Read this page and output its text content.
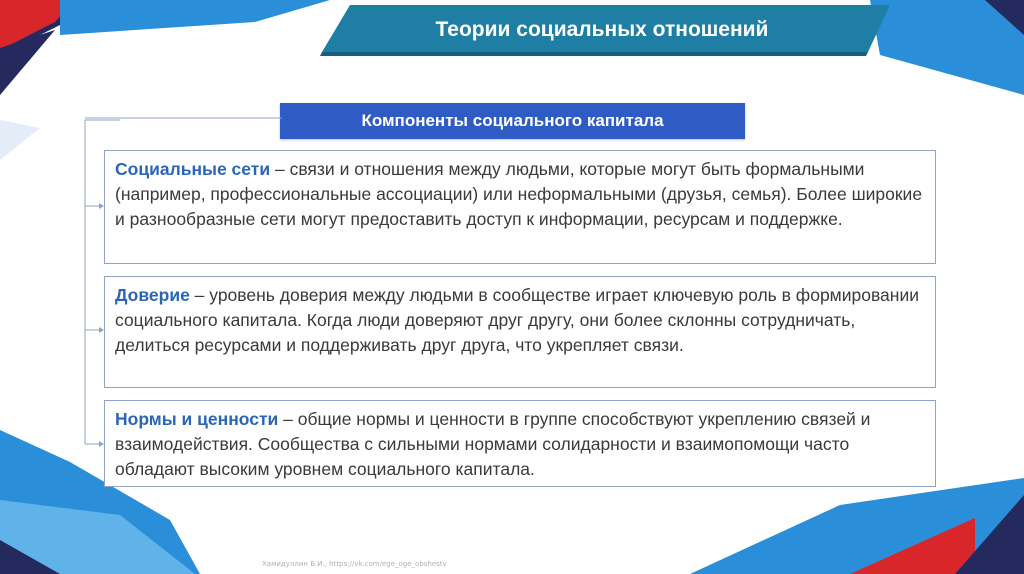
Теории социальных отношений
Компоненты социального капитала
Социальные сети – связи и отношения между людьми, которые могут быть формальными (например, профессиональные ассоциации) или неформальными (друзья, семья). Более широкие и разнообразные сети могут предоставить доступ к информации, ресурсам и поддержке.
Доверие – уровень доверия между людьми в сообществе играет ключевую роль в формировании социального капитала. Когда люди доверяют друг другу, они более склонны сотрудничать, делиться ресурсами и поддерживать друг друга, что укрепляет связи.
Нормы и ценности – общие нормы и ценности в группе способствуют укреплению связей и взаимодействия. Сообщества с сильными нормами солидарности и взаимопомощи часто обладают высоким уровнем социального капитала.
Хамидуллин Б.И., https://vk.com/ege_oge_obshestv
